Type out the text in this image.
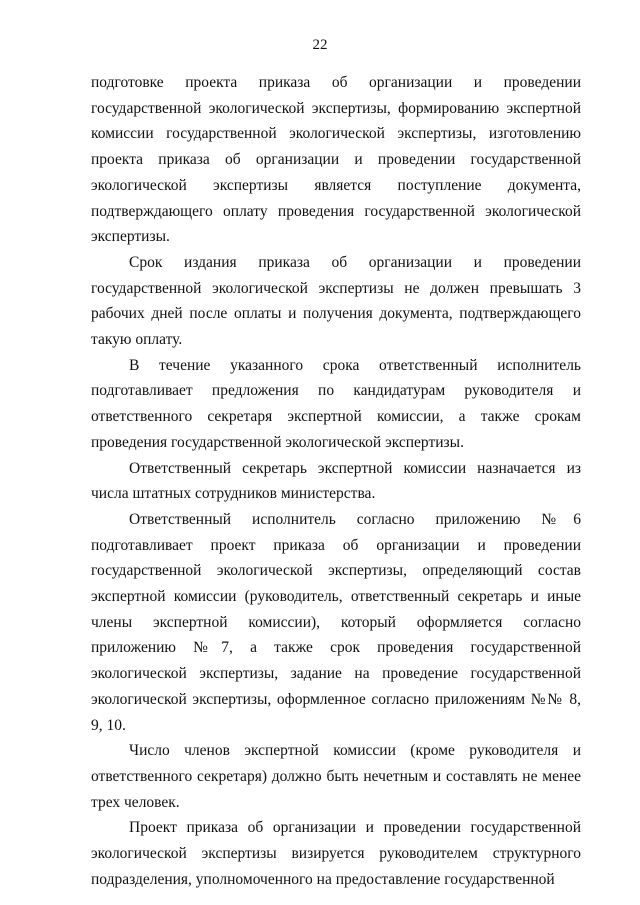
22

подготовке проекта приказа об организации и проведении государственной экологической экспертизы, формированию экспертной комиссии государственной экологической экспертизы, изготовлению проекта приказа об организации и проведении государственной экологической экспертизы является поступление документа, подтверждающего оплату проведения государственной экологической экспертизы.

Срок издания приказа об организации и проведении государственной экологической экспертизы не должен превышать 3 рабочих дней после оплаты и получения документа, подтверждающего такую оплату.

В течение указанного срока ответственный исполнитель подготавливает предложения по кандидатурам руководителя и ответственного секретаря экспертной комиссии, а также срокам проведения государственной экологической экспертизы.

Ответственный секретарь экспертной комиссии назначается из числа штатных сотрудников министерства.

Ответственный исполнитель согласно приложению №6 подготавливает проект приказа об организации и проведении государственной экологической экспертизы, определяющий состав экспертной комиссии (руководитель, ответственный секретарь и иные члены экспертной комиссии), который оформляется согласно приложению №7, а также срок проведения государственной экологической экспертизы, задание на проведение государственной экологической экспертизы, оформленное согласно приложениям №№ 8, 9, 10.

Число членов экспертной комиссии (кроме руководителя и ответственного секретаря) должно быть нечетным и составлять не менее трех человек.

Проект приказа об организации и проведении государственной экологической экспертизы визируется руководителем структурного подразделения, уполномоченного на предоставление государственной
